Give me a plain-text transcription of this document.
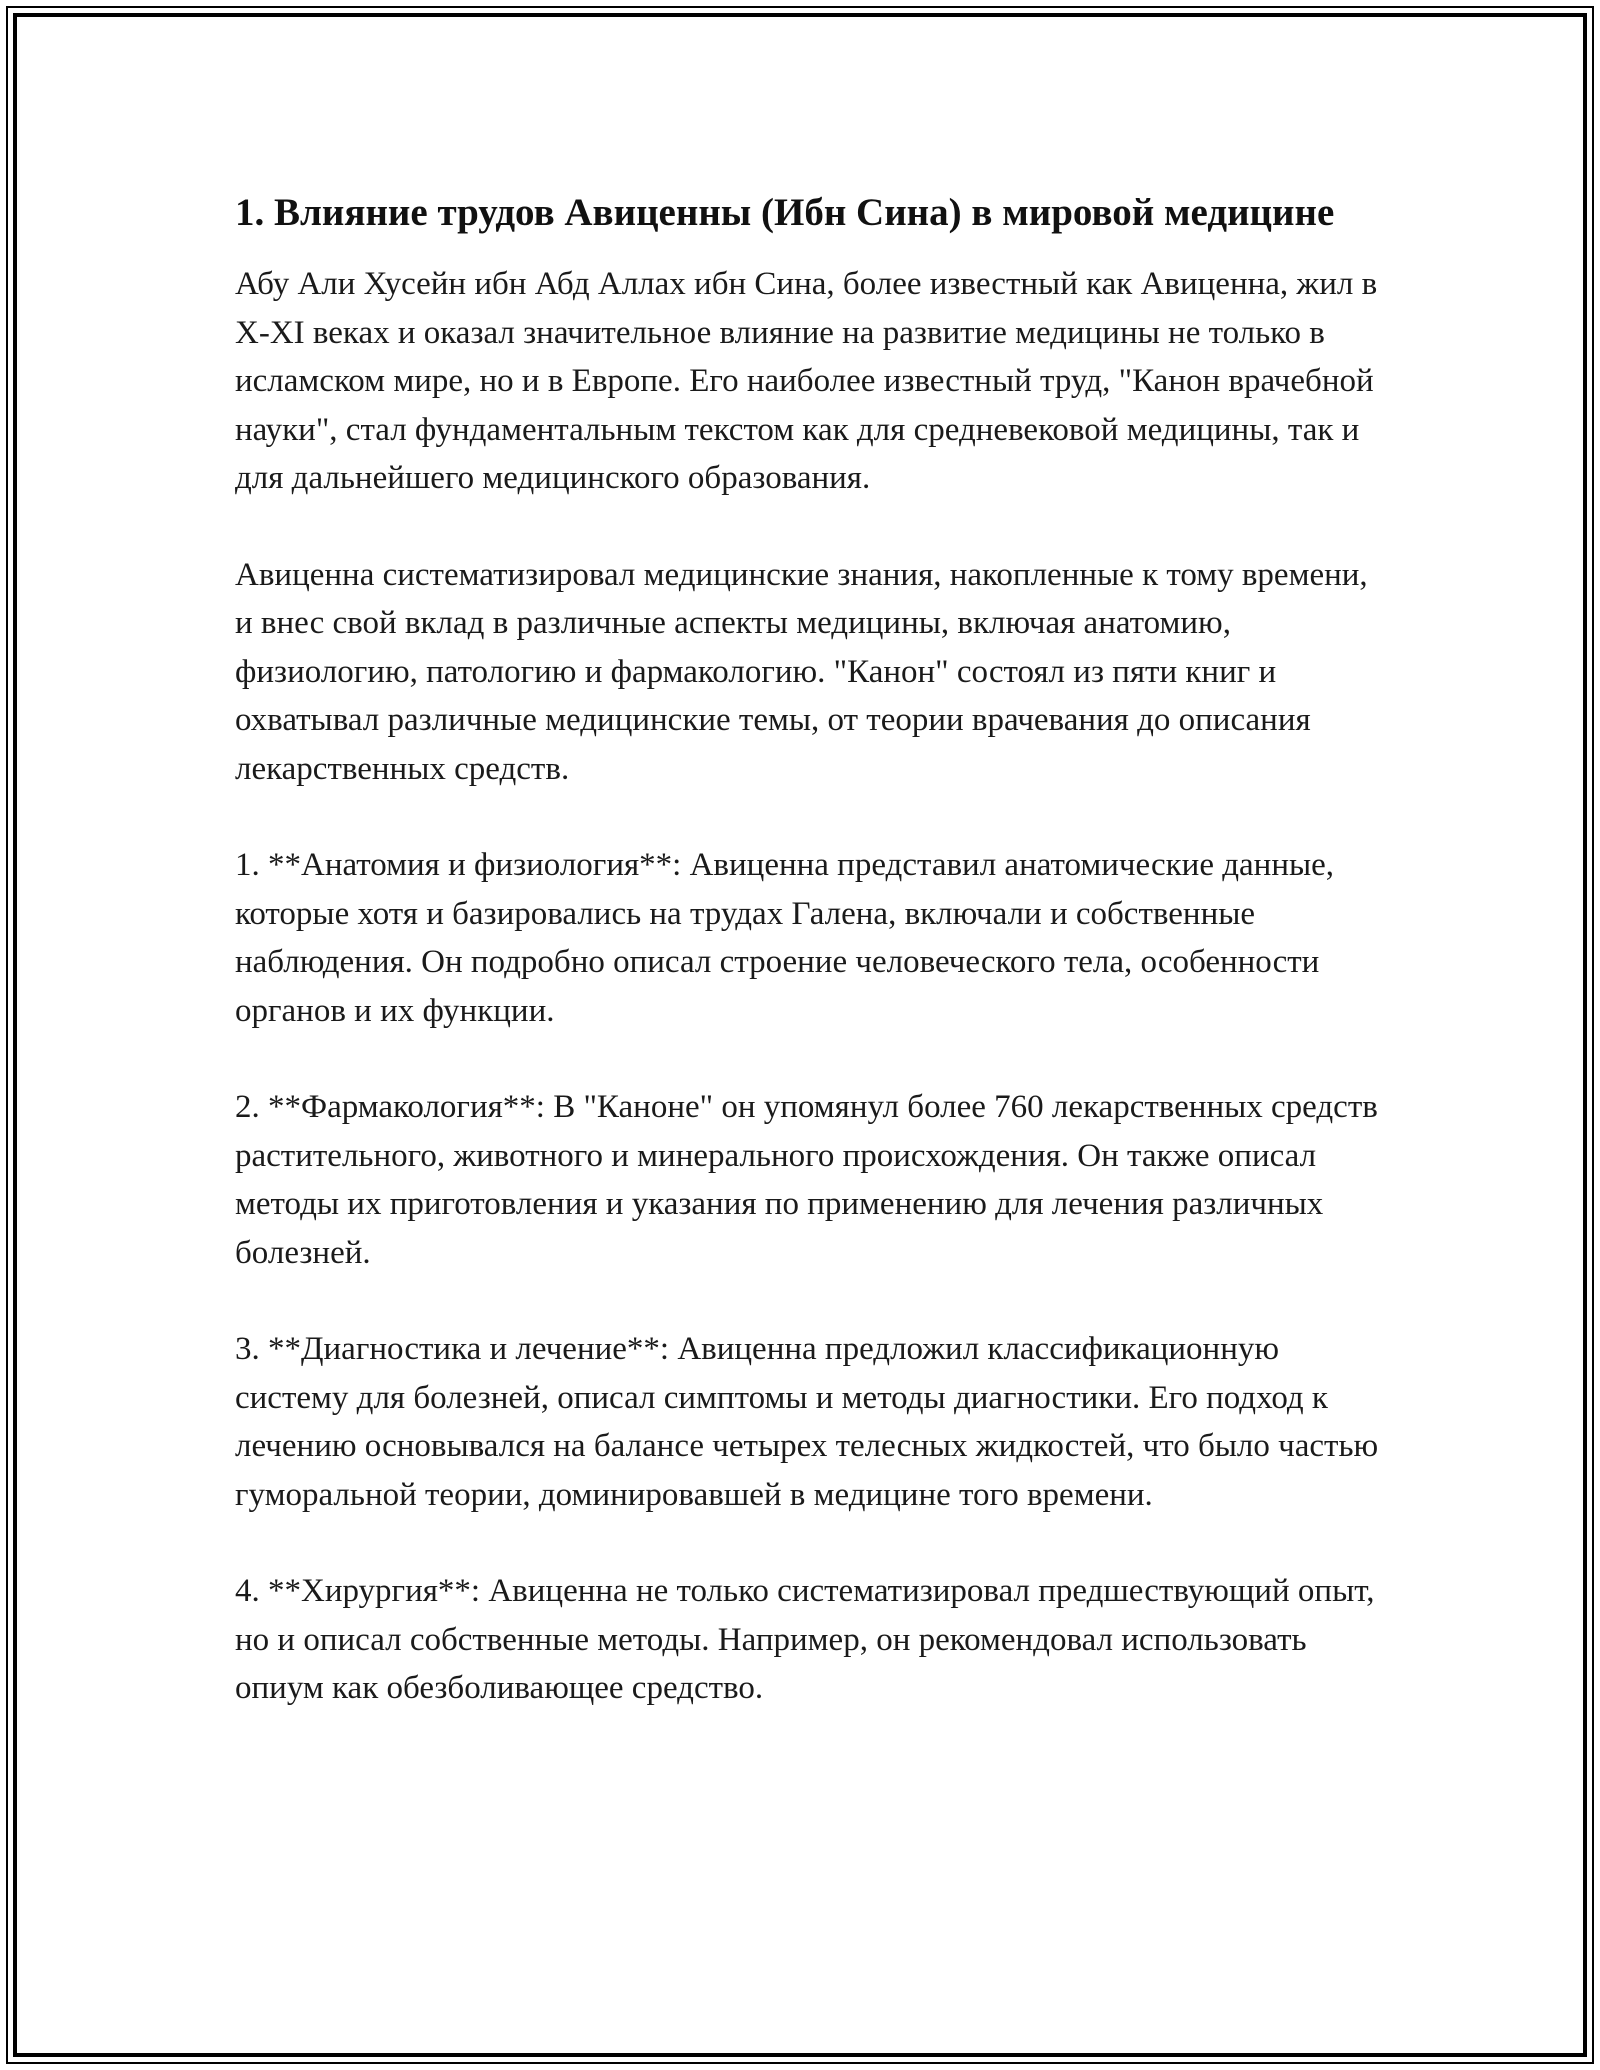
1. Влияние трудов Авиценны (Ибн Сина) в мировой медицине

Абу Али Хусейн ибн Абд Аллах ибн Сина, более известный как Авиценна, жил в X-XI веках и оказал значительное влияние на развитие медицины не только в исламском мире, но и в Европе. Его наиболее известный труд, "Канон врачебной науки", стал фундаментальным текстом как для средневековой медицины, так и для дальнейшего медицинского образования.

Авиценна систематизировал медицинские знания, накопленные к тому времени, и внес свой вклад в различные аспекты медицины, включая анатомию, физиологию, патологию и фармакологию. "Канон" состоял из пяти книг и охватывал различные медицинские темы, от теории врачевания до описания лекарственных средств.

1. **Анатомия и физиология**: Авиценна представил анатомические данные, которые хотя и базировались на трудах Галена, включали и собственные наблюдения. Он подробно описал строение человеческого тела, особенности органов и их функции.

2. **Фармакология**: В "Каноне" он упомянул более 760 лекарственных средств растительного, животного и минерального происхождения. Он также описал методы их приготовления и указания по применению для лечения различных болезней.

3. **Диагностика и лечение**: Авиценна предложил классификационную систему для болезней, описал симптомы и методы диагностики. Его подход к лечению основывался на балансе четырех телесных жидкостей, что было частью гуморальной теории, доминировавшей в медицине того времени.

4. **Хирургия**: Авиценна не только систематизировал предшествующий опыт, но и описал собственные методы. Например, он рекомендовал использовать опиум как обезболивающее средство.
